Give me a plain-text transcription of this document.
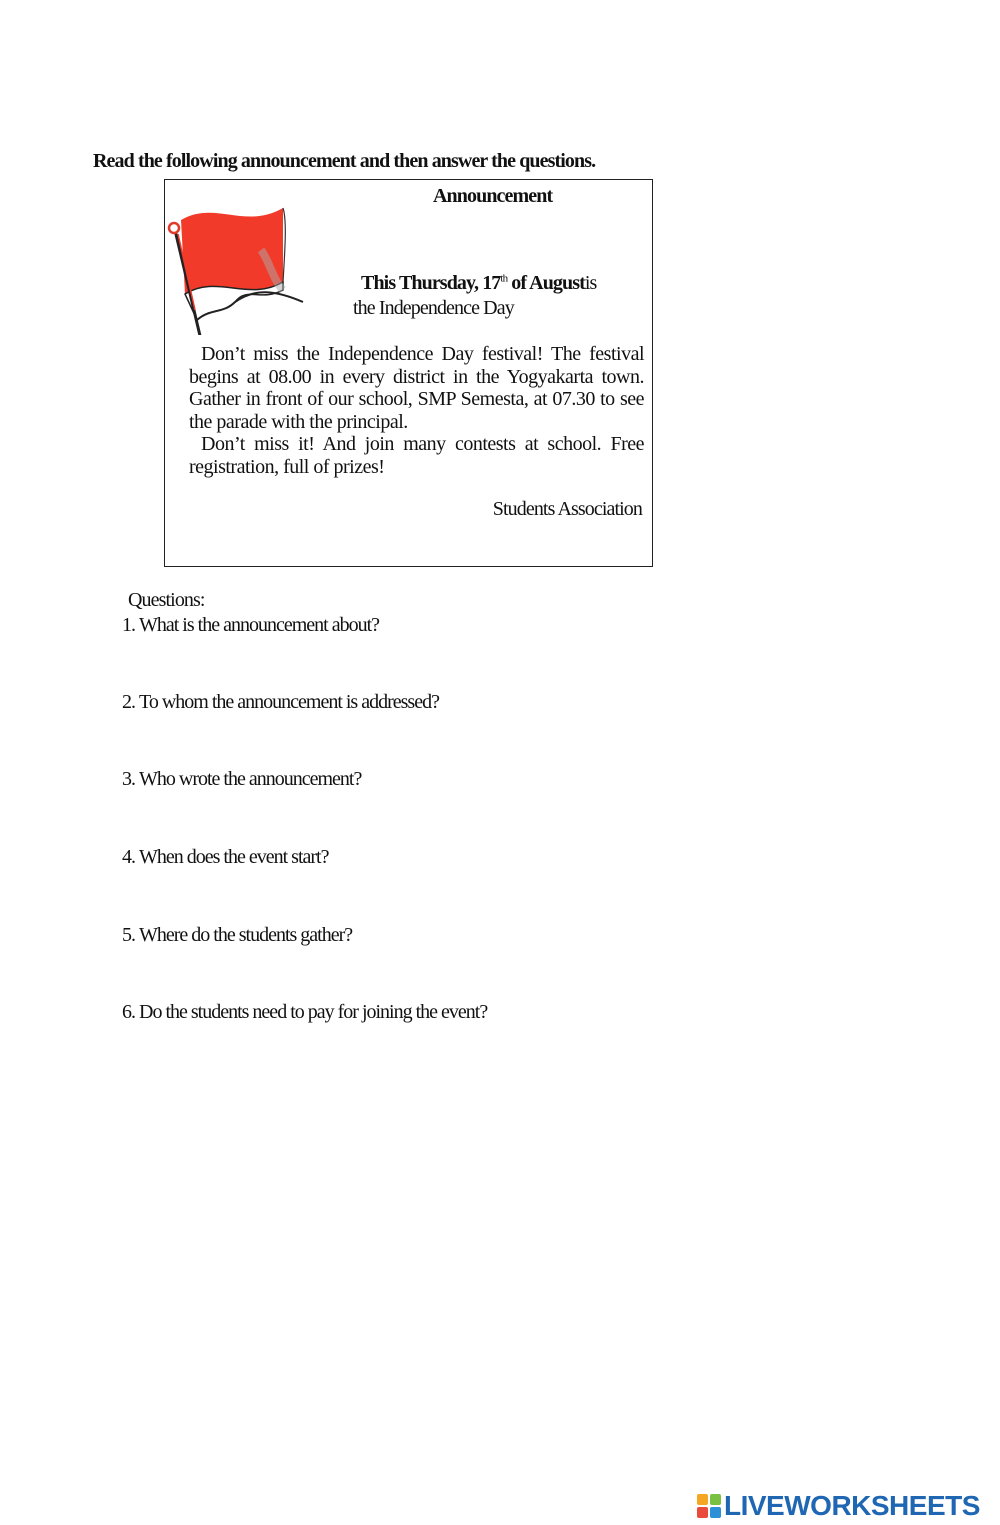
Read the following announcement and then answer the questions.
Announcement
This Thursday, 17th of Augustis
the Independence Day

Don’t miss the Independence Day festival! The festival begins at 08.00 in every district in the Yogyakarta town. Gather in front of our school, SMP Semesta, at 07.30 to see the parade with the principal.

Don’t miss it! And join many contests at school. Free registration, full of prizes!

Students Association
Questions:
1. What is the announcement about?
2. To whom the announcement is addressed?
3. Who wrote the announcement?
4. When does the event start?
5. Where do the students gather?
6. Do the students need to pay for joining the event?
LIVEWORKSHEETS
